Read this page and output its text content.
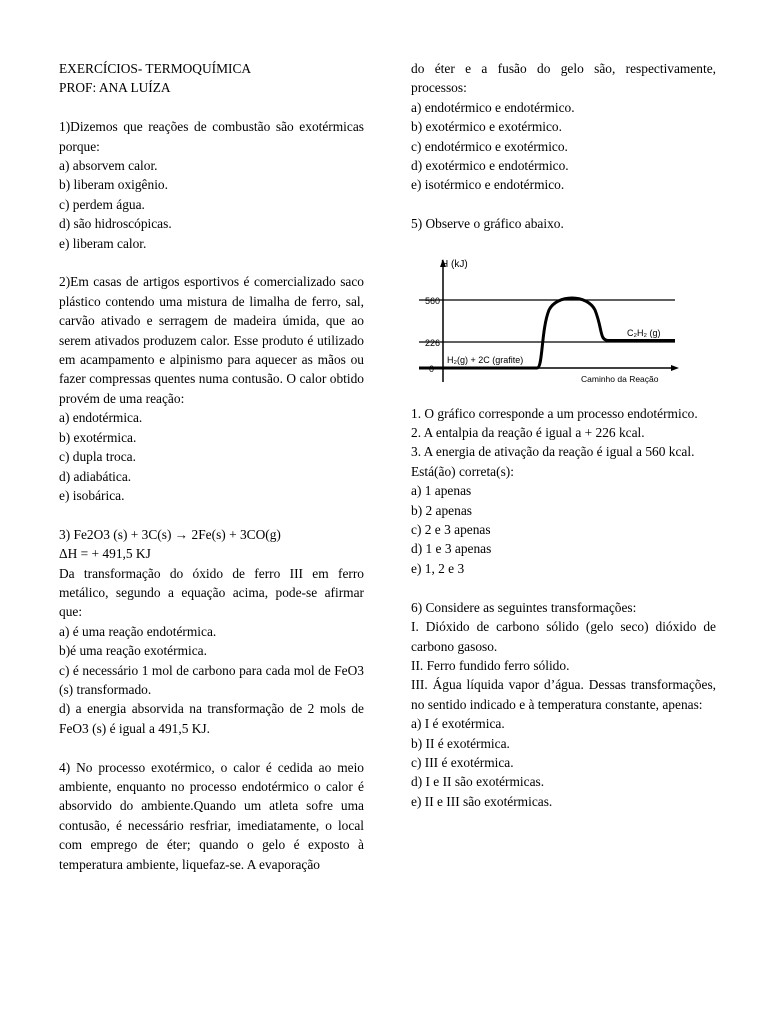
EXERCÍCIOS- TERMOQUÍMICA

PROF: ANA LUÍZA

1)Dizemos que reações de combustão são exotérmicas porque:

a) absorvem calor.

b) liberam oxigênio.

c) perdem água.

d) são hidroscópicas.

e) liberam calor.

2)Em casas de artigos esportivos é comercializado saco plástico contendo uma mistura de limalha de ferro, sal, carvão ativado e serragem de madeira úmida, que ao serem ativados produzem calor. Esse produto é utilizado em acampamento e alpinismo para aquecer as mãos ou fazer compressas quentes numa contusão. O calor obtido provém de uma reação:

a) endotérmica.

b) exotérmica.

c) dupla troca.

d) adiabática.

e) isobárica.

3) Fe2O3 (s) + 3C(s) → 2Fe(s) + 3CO(g)

ΔH = + 491,5 KJ

Da transformação do óxido de ferro III em ferro metálico, segundo a equação acima, pode-se afirmar que:

a) é uma reação endotérmica.

b)é uma reação exotérmica.

c) é necessário 1 mol de carbono para cada mol de FeO3 (s) transformado.

d) a energia absorvida na transformação de 2 mols de FeO3 (s) é igual a 491,5 KJ.

4) No processo exotérmico, o calor é cedida ao meio ambiente, enquanto no processo endotérmico o calor é absorvido do ambiente.Quando um atleta sofre uma contusão, é necessário resfriar, imediatamente, o local com emprego de éter; quando o gelo é exposto à temperatura ambiente, liquefaz-se. A evaporação

do éter e a fusão do gelo são, respectivamente, processos:

a) endotérmico e endotérmico.

b) exotérmico e exotérmico.

c) endotérmico e exotérmico.

d) exotérmico e endotérmico.

e) isotérmico e endotérmico.

5) Observe o gráfico abaixo.

H (kJ)
560
226
0
H₂(g) + 2C (grafite)
C₂H₂ (g)
Caminho da Reação

1. O gráfico corresponde a um processo endotérmico.

2. A entalpia da reação é igual a + 226 kcal.

3. A energia de ativação da reação é igual a 560 kcal.

Está(ão) correta(s):

a) 1 apenas

b) 2 apenas

c) 2 e 3 apenas

d) 1 e 3 apenas

e) 1, 2 e 3

6) Considere as seguintes transformações:

I. Dióxido de carbono sólido (gelo seco) dióxido de carbono gasoso.

II. Ferro fundido ferro sólido.

III. Água líquida vapor d’água. Dessas transformações, no sentido indicado e à temperatura constante, apenas:

a) I é exotérmica.

b) II é exotérmica.

c) III é exotérmica.

d) I e II são exotérmicas.

e) II e III são exotérmicas.
